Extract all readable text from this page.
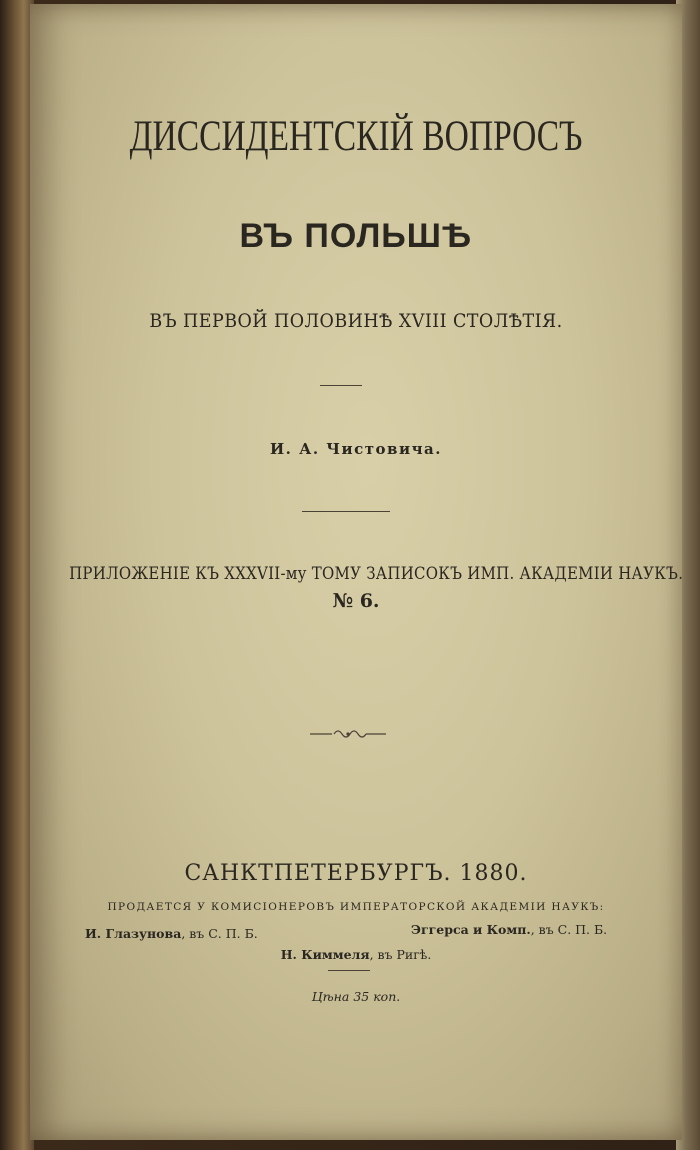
ДИССИДЕНТСКІЙ ВОПРОСЪ
ВЪ ПОЛЬШѢ
ВЪ ПЕРВОЙ ПОЛОВИНѢ XVIII СТОЛѢТІЯ.
И. А. Чистовича.
ПРИЛОЖЕНІЕ КЪ XXXVII-му ТОМУ ЗАПИСОКЪ ИМП. АКАДЕМІИ НАУКЪ.
№ 6.
САНКТПЕТЕРБУРГЪ. 1880.
ПРОДАЕТСЯ У КОМИСІОНЕРОВЪ ИМПЕРАТОРСКОЙ АКАДЕМІИ НАУКЪ:
И. Глазунова, въ С. П. Б.	Эггерса и Комп., въ С. П. Б.
Н. Киммеля, въ Ригѣ.
Цѣна 35 коп.
